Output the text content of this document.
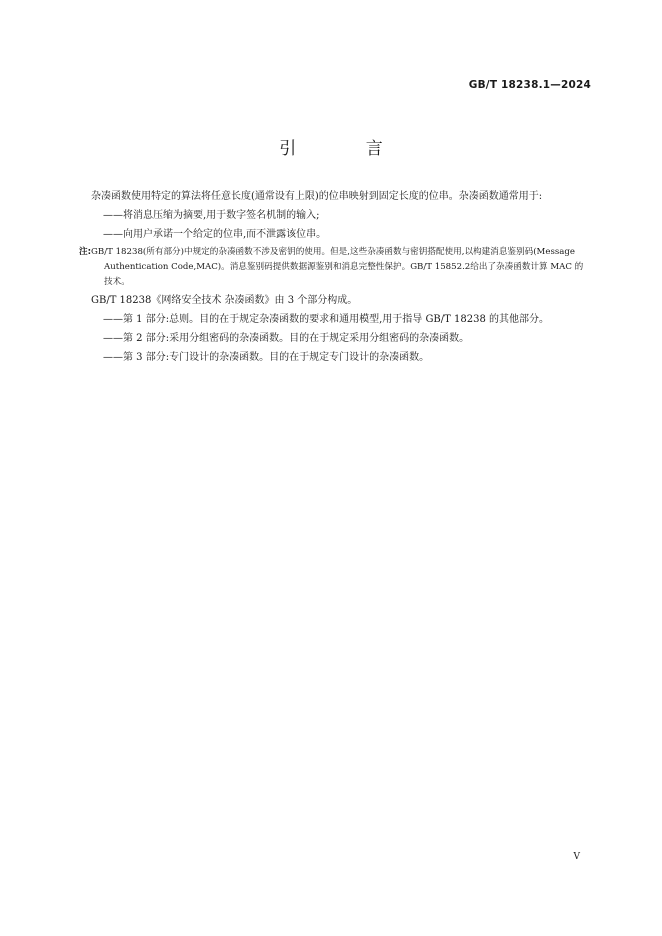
GB/T 18238.1—2024
引 言
杂凑函数使用特定的算法将任意长度(通常设有上限)的位串映射到固定长度的位串。杂凑函数通常用于:
——将消息压缩为摘要,用于数字签名机制的输入;
——向用户承诺一个给定的位串,而不泄露该位串。
注:GB/T 18238(所有部分)中规定的杂凑函数不涉及密钥的使用。但是,这些杂凑函数与密钥搭配使用,以构建消息鉴别码(Message Authentication Code,MAC)。消息鉴别码提供数据源鉴别和消息完整性保护。GB/T 15852.2给出了杂凑函数计算 MAC 的技术。
GB/T 18238《网络安全技术 杂凑函数》由 3 个部分构成。
——第 1 部分:总则。目的在于规定杂凑函数的要求和通用模型,用于指导 GB/T 18238 的其他部分。
——第 2 部分:采用分组密码的杂凑函数。目的在于规定采用分组密码的杂凑函数。
——第 3 部分:专门设计的杂凑函数。目的在于规定专门设计的杂凑函数。
Ⅴ
